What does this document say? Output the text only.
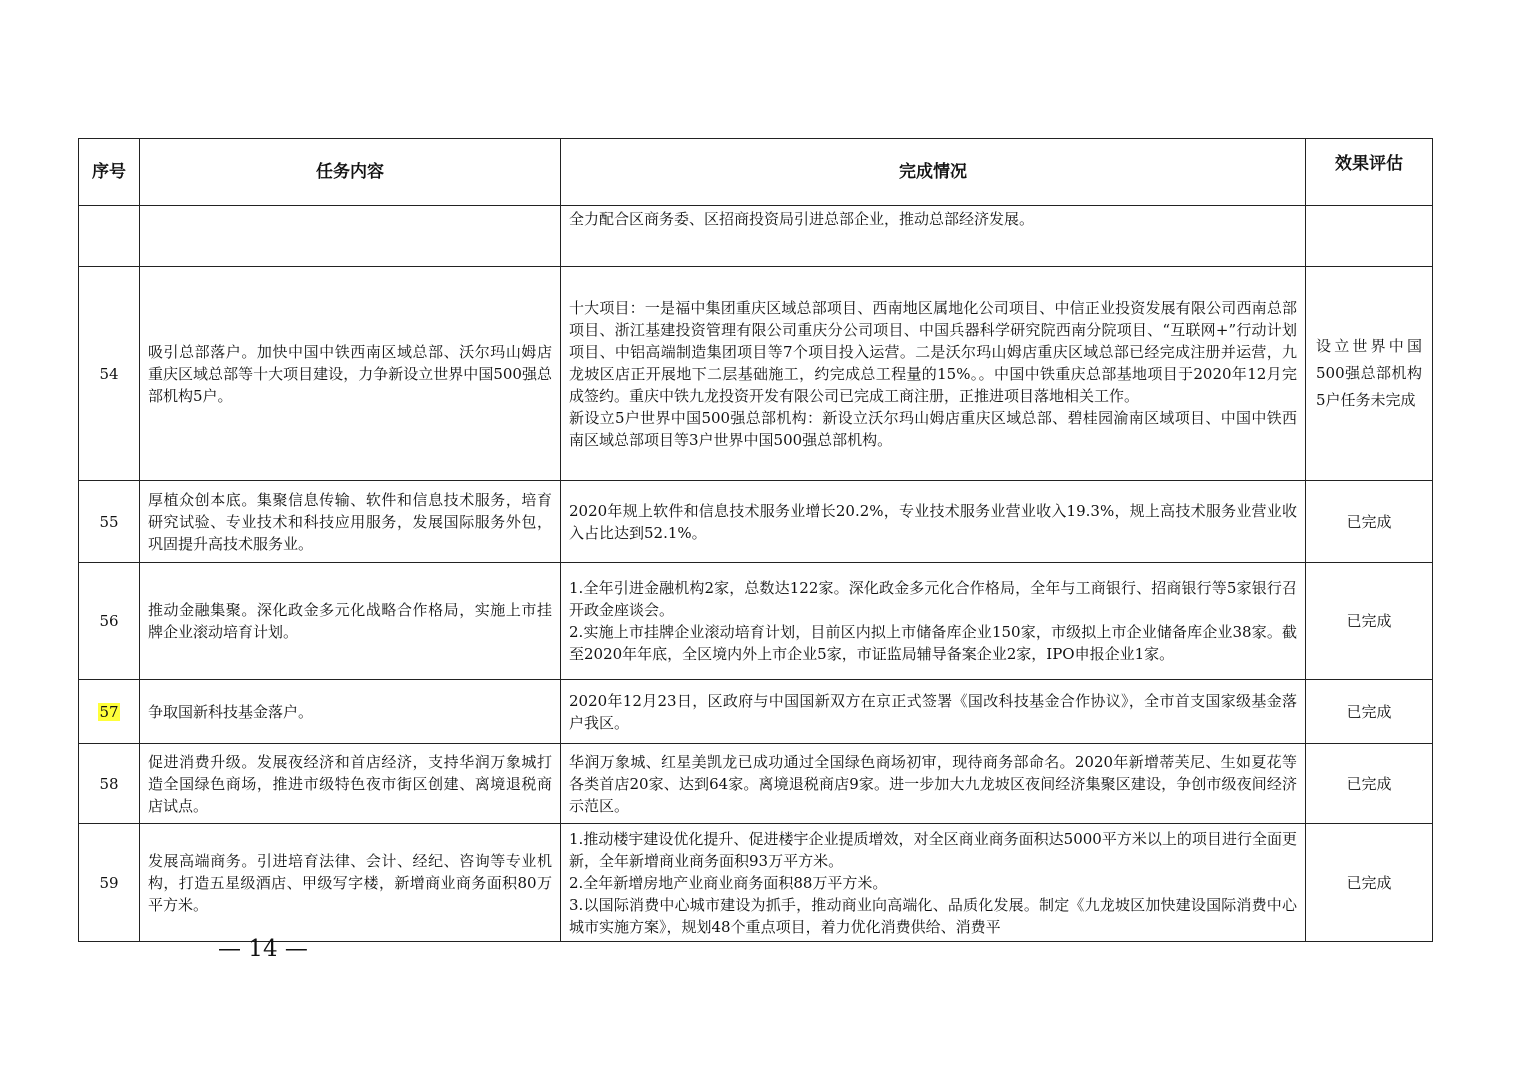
序号	任务内容	完成情况	效果评估
		全力配合区商务委、区招商投资局引进总部企业，推动总部经济发展。	
54	吸引总部落户。加快中国中铁西南区域总部、沃尔玛山姆店重庆区域总部等十大项目建设，力争新设立世界中国500强总部机构5户。	十大项目：一是福中集团重庆区域总部项目、西南地区属地化公司项目、中信正业投资发展有限公司西南总部项目、浙江基建投资管理有限公司重庆分公司项目、中国兵器科学研究院西南分院项目、“互联网+”行动计划项目、中铝高端制造集团项目等7个项目投入运营。二是沃尔玛山姆店重庆区域总部已经完成注册并运营，九龙坡区店正开展地下二层基础施工，约完成总工程量的15%。。中国中铁重庆总部基地项目于2020年12月完成签约。重庆中铁九龙投资开发有限公司已完成工商注册，正推进项目落地相关工作。
新设立5户世界中国500强总部机构：新设立沃尔玛山姆店重庆区域总部、碧桂园渝南区域项目、中国中铁西南区域总部项目等3户世界中国500强总部机构。	设立世界中国500强总部机构5户任务未完成
55	厚植众创本底。集聚信息传输、软件和信息技术服务，培育研究试验、专业技术和科技应用服务，发展国际服务外包，巩固提升高技术服务业。	2020年规上软件和信息技术服务业增长20.2%，专业技术服务业营业收入19.3%，规上高技术服务业营业收入占比达到52.1%。	已完成
56	推动金融集聚。深化政金多元化战略合作格局，实施上市挂牌企业滚动培育计划。	1.全年引进金融机构2家，总数达122家。深化政金多元化合作格局，全年与工商银行、招商银行等5家银行召开政金座谈会。
2.实施上市挂牌企业滚动培育计划，目前区内拟上市储备库企业150家，市级拟上市企业储备库企业38家。截至2020年年底，全区境内外上市企业5家，市证监局辅导备案企业2家，IPO申报企业1家。	已完成
57	争取国新科技基金落户。	2020年12月23日，区政府与中国国新双方在京正式签署《国改科技基金合作协议》，全市首支国家级基金落户我区。	已完成
58	促进消费升级。发展夜经济和首店经济，支持华润万象城打造全国绿色商场，推进市级特色夜市街区创建、离境退税商店试点。	华润万象城、红星美凯龙已成功通过全国绿色商场初审，现待商务部命名。2020年新增蒂芙尼、生如夏花等各类首店20家、达到64家。离境退税商店9家。进一步加大九龙坡区夜间经济集聚区建设，争创市级夜间经济示范区。	已完成
59	发展高端商务。引进培育法律、会计、经纪、咨询等专业机构，打造五星级酒店、甲级写字楼，新增商业商务面积80万平方米。	1.推动楼宇建设优化提升、促进楼宇企业提质增效，对全区商业商务面积达5000平方米以上的项目进行全面更新，全年新增商业商务面积93万平方米。
2.全年新增房地产业商业商务面积88万平方米。
3.以国际消费中心城市建设为抓手，推动商业向高端化、品质化发展。制定《九龙坡区加快建设国际消费中心城市实施方案》，规划48个重点项目，着力优化消费供给、消费平	已完成
— 14 —
